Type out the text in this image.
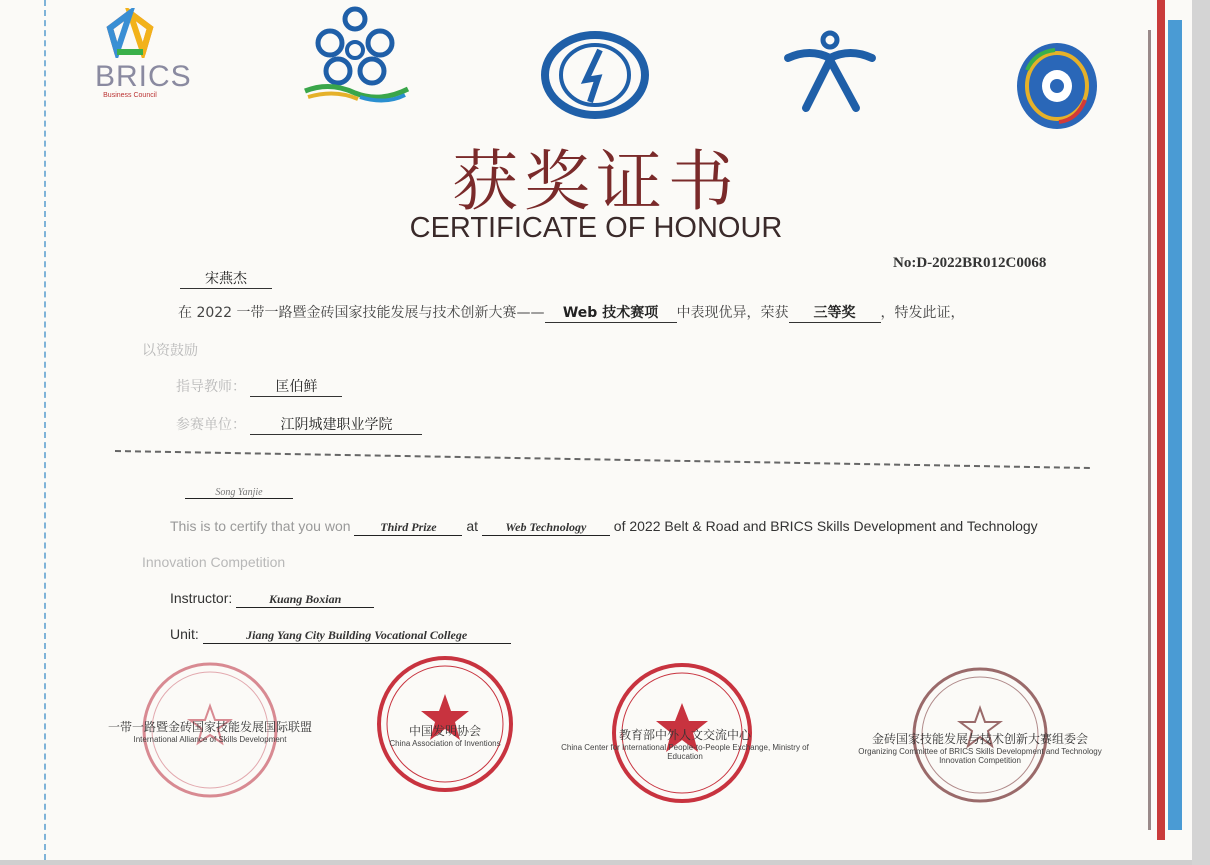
BRICS
Business Council
获奖证书
CERTIFICATE OF HONOUR
No:D-2022BR012C0068
宋燕杰
在 2022 一带一路暨金砖国家技能发展与技术创新大赛—— Web 技术赛项 中表现优异，荣获 三等奖 ，特发此证，
以资鼓励
指导教师： 匡伯鲜
参赛单位： 江阴城建职业学院
Song Yanjie
This is to certify that you won Third Prize at Web Technology of 2022 Belt & Road and BRICS Skills Development and Technology
Innovation Competition
Instructor:	Kuang Boxian
Unit:	Jiang Yang City Building Vocational College
一带一路暨金砖国家技能发展国际联盟
International Alliance of Skills Development
中国发明协会
China Association of Inventions
教育部中外人文交流中心
China Center for International People-to-People Exchange, Ministry of Education
金砖国家技能发展与技术创新大赛组委会
Organizing Committee of BRICS Skills Development and Technology Innovation Competition
